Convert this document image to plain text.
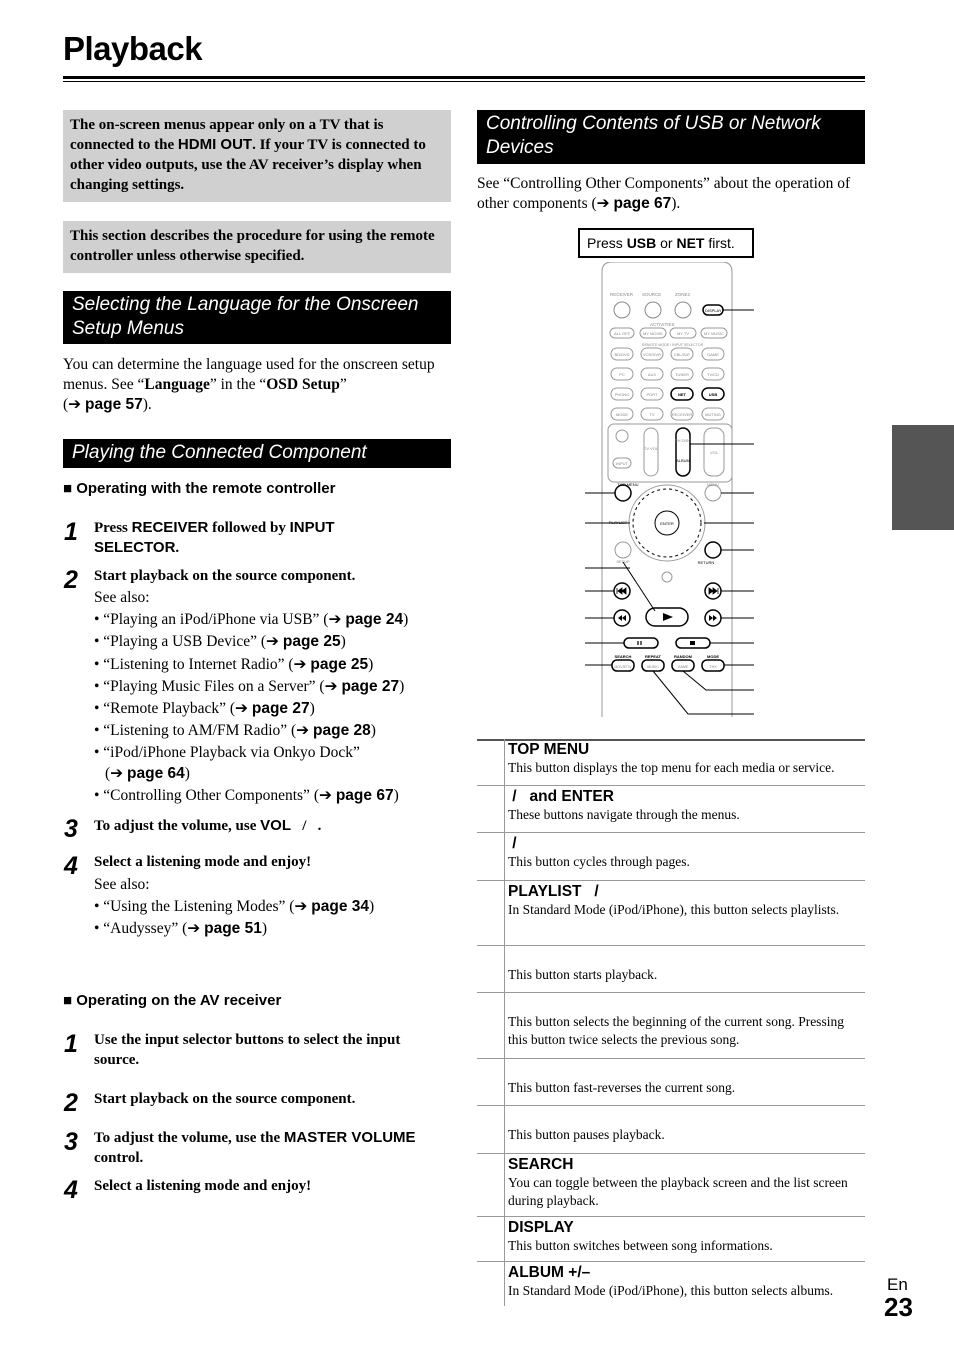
Playback
The on-screen menus appear only on a TV that is connected to the HDMI OUT. If your TV is connected to other video outputs, use the AV receiver’s display when changing settings.
This section describes the procedure for using the remote controller unless otherwise specified.
Selecting the Language for the Onscreen Setup Menus
You can determine the language used for the onscreen setup menus. See “Language” in the “OSD Setup”
(➔ page 57).
Playing the Connected Component
■ Operating with the remote controller
1 Press RECEIVER followed by INPUT SELECTOR.
2 Start playback on the source component.
See also:
• “Playing an iPod/iPhone via USB” (➔ page 24)
• “Playing a USB Device” (➔ page 25)
• “Listening to Internet Radio” (➔ page 25)
• “Playing Music Files on a Server” (➔ page 27)
• “Remote Playback” (➔ page 27)
• “Listening to AM/FM Radio” (➔ page 28)
• “iPod/iPhone Playback via Onkyo Dock”
(➔ page 64)
• “Controlling Other Components” (➔ page 67)
3 To adjust the volume, use VOL   /   .
4 Select a listening mode and enjoy!
See also:
• “Using the Listening Modes” (➔ page 34)
• “Audyssey” (➔ page 51)
■ Operating on the AV receiver
1 Use the input selector buttons to select the input source.
2 Start playback on the source component.
3 To adjust the volume, use the MASTER VOLUME control.
4 Select a listening mode and enjoy!
Controlling Contents of USB or Network Devices
See “Controlling Other Components” about the operation of other components (➔ page 67).
Press USB or NET first.
RECEIVER SOURCE	ZONE2
DISPLAY
ACTIVITIES
REMOTE MODE / INPUT SELECTOR
ALL OFF	MY MOVIE	MY TV	MY MUSIC
BD/DVD	VCR/DVR	CBL/SAT	GAME
PC	AUX	TUNER	TV/CD
PHONO	PORT	NET	USB
MODE	TV	RECEIVER	MUTING
TV VOL
CH DISC
ALBUM
VOL
INPUT
ENTER
TOP MENU	MENU
PLAYLIST
SETUP	RETURN
SEARCH	REPEAT	RANDOM	MODE
MOVIE/TV	MUSIC	GAME	THX
TOP MENU
This button displays the top menu for each media or service.
/   and ENTER
These buttons navigate through the menus.
/
This button cycles through pages.
PLAYLIST   /
In Standard Mode (iPod/iPhone), this button selects playlists.
This button starts playback.
This button selects the beginning of the current song. Pressing this button twice selects the previous song.
This button fast-reverses the current song.
This button pauses playback.
SEARCH
You can toggle between the playback screen and the list screen during playback.
DISPLAY
This button switches between song informations.
ALBUM +/–
In Standard Mode (iPod/iPhone), this button selects albums.	En
23
